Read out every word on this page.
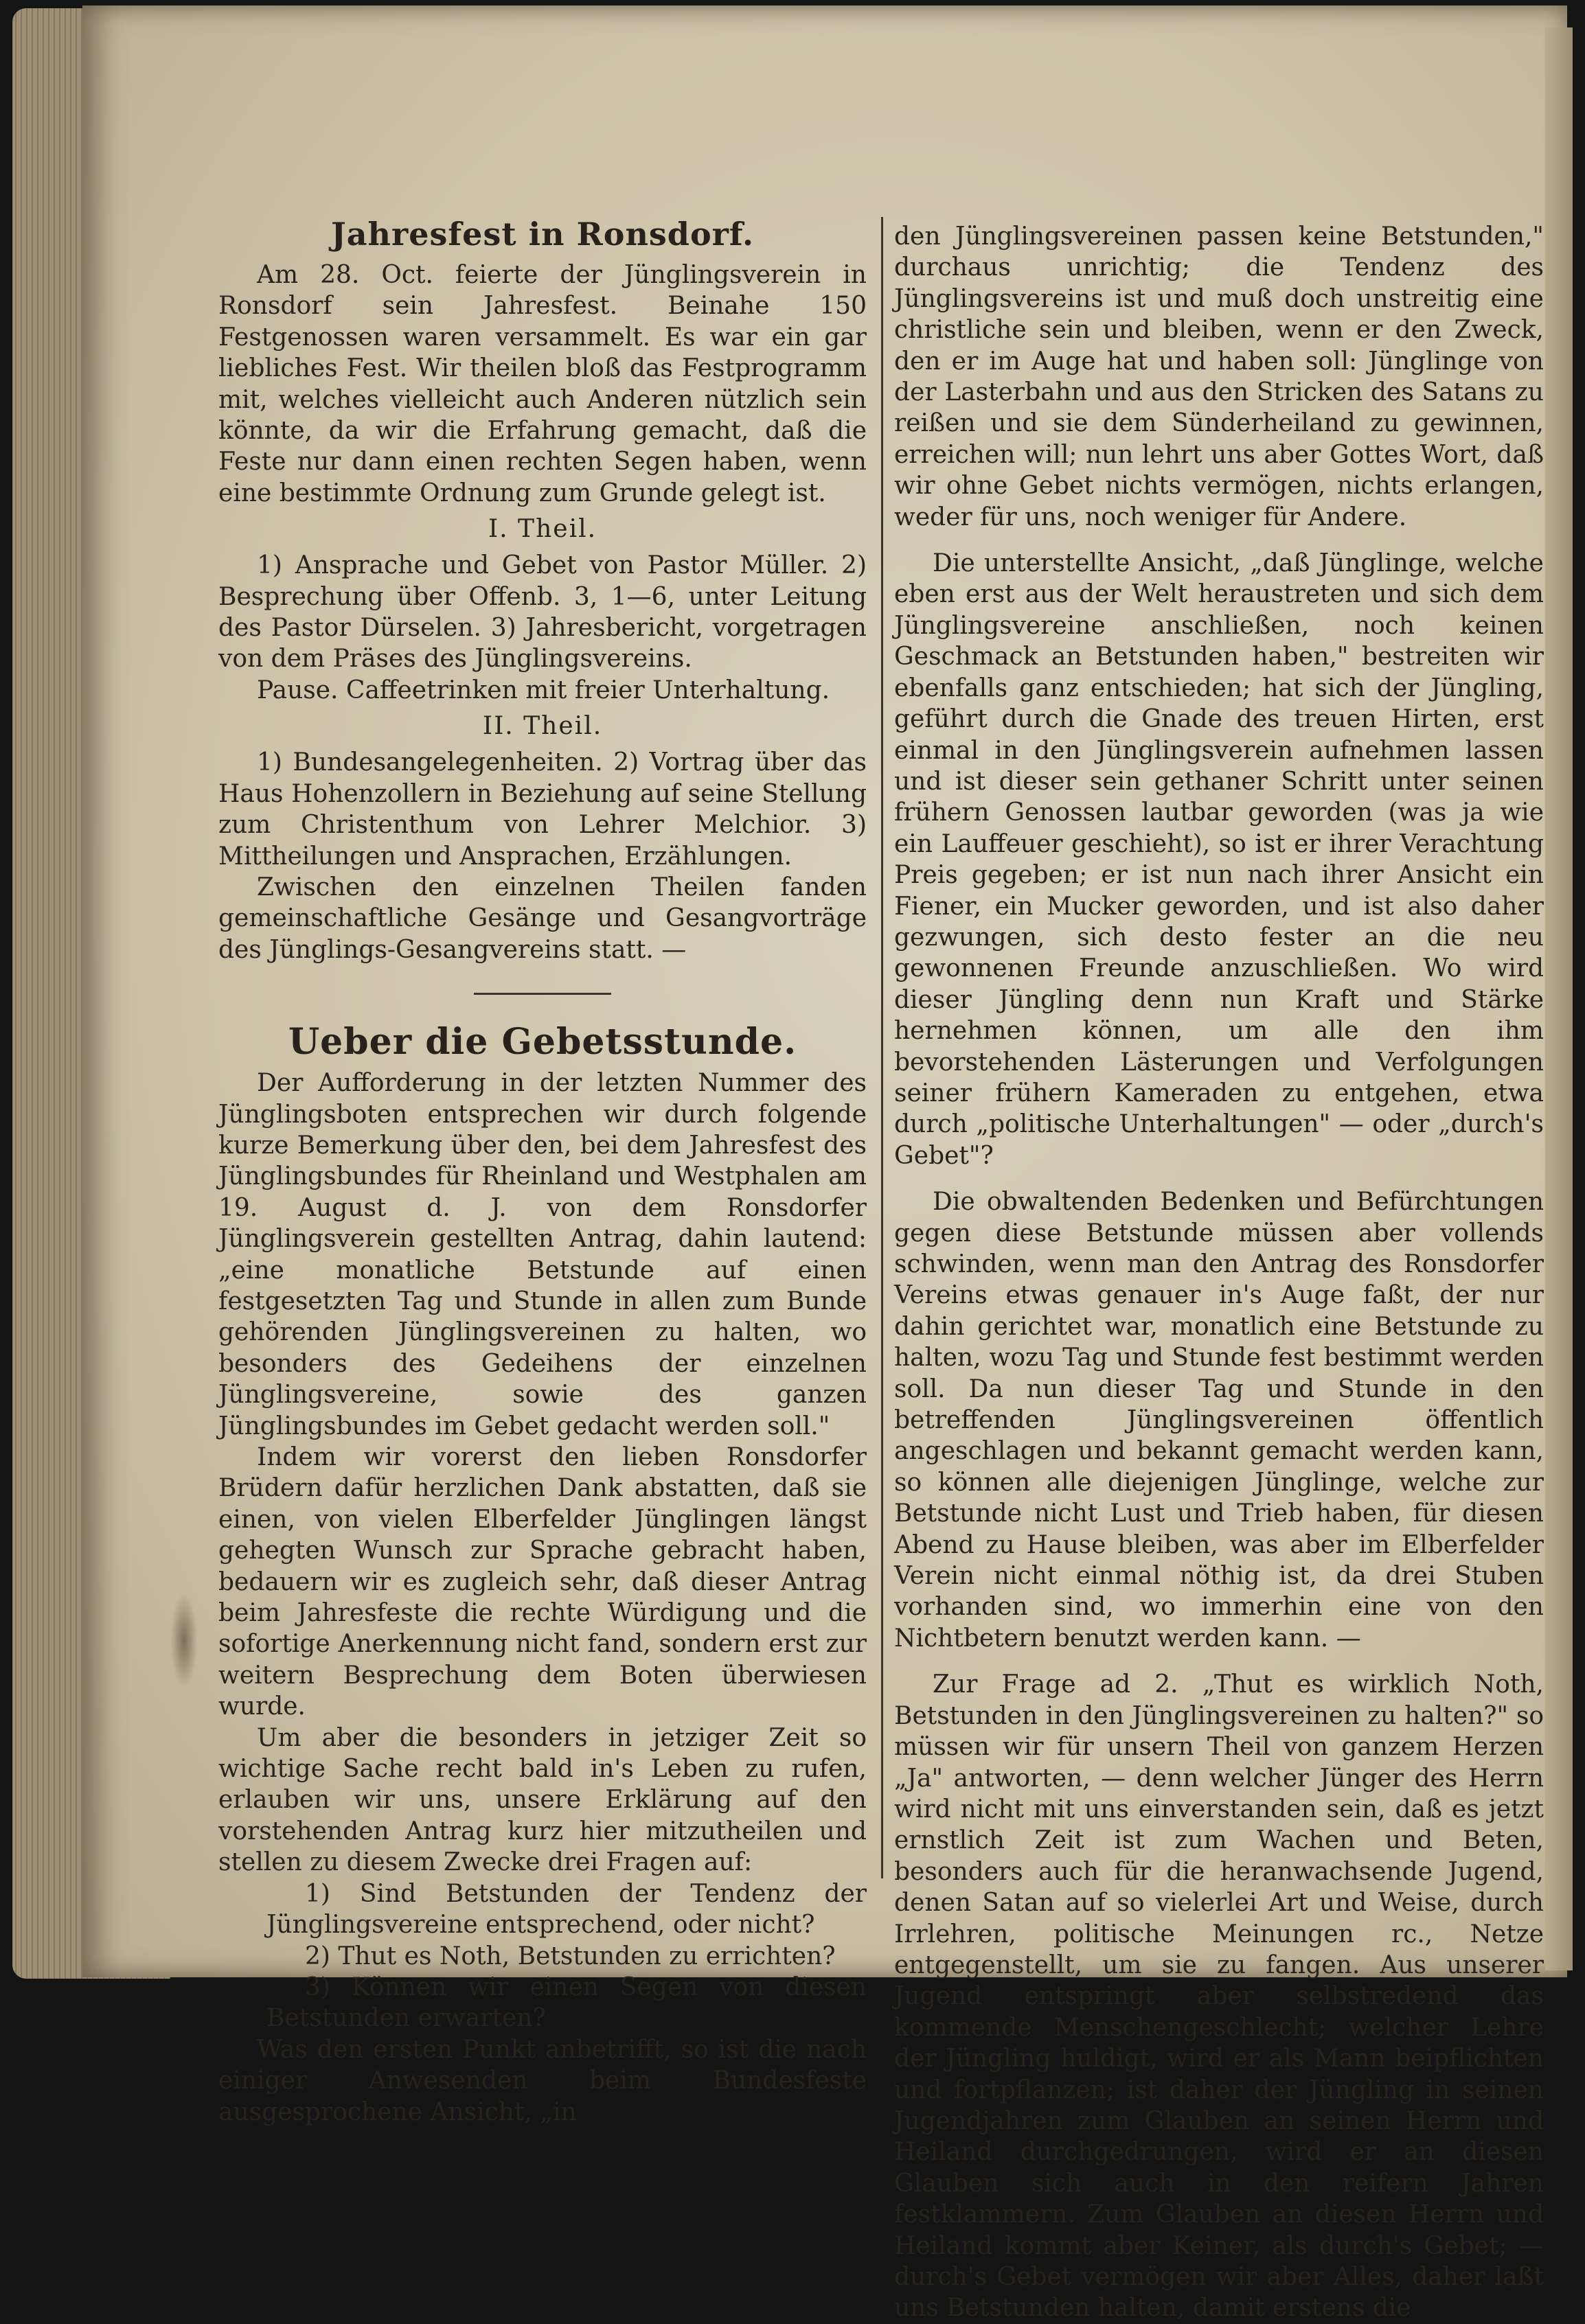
Jahresfest in Ronsdorf.

Am 28. Oct. feierte der Jünglingsverein in Ronsdorf sein Jahresfest. Beinahe 150 Festgenossen waren versammelt. Es war ein gar liebliches Fest. Wir theilen bloß das Festprogramm mit, welches vielleicht auch Anderen nützlich sein könnte, da wir die Erfahrung gemacht, daß die Feste nur dann einen rechten Segen haben, wenn eine bestimmte Ordnung zum Grunde gelegt ist.

I. Theil.

1) Ansprache und Gebet von Pastor Müller. 2) Besprechung über Offenb. 3, 1—6, unter Leitung des Pastor Dürselen. 3) Jahresbericht, vorgetragen von dem Präses des Jünglingsvereins.

Pause. Caffeetrinken mit freier Unterhaltung.

II. Theil.

1) Bundesangelegenheiten. 2) Vortrag über das Haus Hohenzollern in Beziehung auf seine Stellung zum Christenthum von Lehrer Melchior. 3) Mittheilungen und Ansprachen, Erzählungen.

Zwischen den einzelnen Theilen fanden gemeinschaftliche Gesänge und Gesangvorträge des Jünglings-Gesangvereins statt. —

Ueber die Gebetsstunde.

Der Aufforderung in der letzten Nummer des Jünglingsboten entsprechen wir durch folgende kurze Bemerkung über den, bei dem Jahresfest des Jünglingsbundes für Rheinland und Westphalen am 19. August d. J. von dem Ronsdorfer Jünglingsverein gestellten Antrag, dahin lautend: „eine monatliche Betstunde auf einen festgesetzten Tag und Stunde in allen zum Bunde gehörenden Jünglingsvereinen zu halten, wo besonders des Gedeihens der einzelnen Jünglingsvereine, sowie des ganzen Jünglingsbundes im Gebet gedacht werden soll."

Indem wir vorerst den lieben Ronsdorfer Brüdern dafür herzlichen Dank abstatten, daß sie einen, von vielen Elberfelder Jünglingen längst gehegten Wunsch zur Sprache gebracht haben, bedauern wir es zugleich sehr, daß dieser Antrag beim Jahresfeste die rechte Würdigung und die sofortige Anerkennung nicht fand, sondern erst zur weitern Besprechung dem Boten überwiesen wurde.

Um aber die besonders in jetziger Zeit so wichtige Sache recht bald in's Leben zu rufen, erlauben wir uns, unsere Erklärung auf den vorstehenden Antrag kurz hier mitzutheilen und stellen zu diesem Zwecke drei Fragen auf:

1) Sind Betstunden der Tendenz der Jünglingsvereine entsprechend, oder nicht?

2) Thut es Noth, Betstunden zu errichten?

3) Können wir einen Segen von diesen Betstunden erwarten?

Was den ersten Punkt anbetrifft, so ist die nach einiger Anwesenden beim Bundesfeste ausgesprochene Ansicht, „in

den Jünglingsvereinen passen keine Betstunden," durchaus unrichtig; die Tendenz des Jünglingsvereins ist und muß doch unstreitig eine christliche sein und bleiben, wenn er den Zweck, den er im Auge hat und haben soll: Jünglinge von der Lasterbahn und aus den Stricken des Satans zu reißen und sie dem Sünderheiland zu gewinnen, erreichen will; nun lehrt uns aber Gottes Wort, daß wir ohne Gebet nichts vermögen, nichts erlangen, weder für uns, noch weniger für Andere.

Die unterstellte Ansicht, „daß Jünglinge, welche eben erst aus der Welt heraustreten und sich dem Jünglingsvereine anschließen, noch keinen Geschmack an Betstunden haben," bestreiten wir ebenfalls ganz entschieden; hat sich der Jüngling, geführt durch die Gnade des treuen Hirten, erst einmal in den Jünglingsverein aufnehmen lassen und ist dieser sein gethaner Schritt unter seinen frühern Genossen lautbar geworden (was ja wie ein Lauffeuer geschieht), so ist er ihrer Verachtung Preis gegeben; er ist nun nach ihrer Ansicht ein Fiener, ein Mucker geworden, und ist also daher gezwungen, sich desto fester an die neu gewonnenen Freunde anzuschließen. Wo wird dieser Jüngling denn nun Kraft und Stärke hernehmen können, um alle den ihm bevorstehenden Lästerungen und Verfolgungen seiner frühern Kameraden zu entgehen, etwa durch „politische Unterhaltungen" — oder „durch's Gebet"?

Die obwaltenden Bedenken und Befürchtungen gegen diese Betstunde müssen aber vollends schwinden, wenn man den Antrag des Ronsdorfer Vereins etwas genauer in's Auge faßt, der nur dahin gerichtet war, monatlich eine Betstunde zu halten, wozu Tag und Stunde fest bestimmt werden soll. Da nun dieser Tag und Stunde in den betreffenden Jünglingsvereinen öffentlich angeschlagen und bekannt gemacht werden kann, so können alle diejenigen Jünglinge, welche zur Betstunde nicht Lust und Trieb haben, für diesen Abend zu Hause bleiben, was aber im Elberfelder Verein nicht einmal nöthig ist, da drei Stuben vorhanden sind, wo immerhin eine von den Nichtbetern benutzt werden kann. —

Zur Frage ad 2. „Thut es wirklich Noth, Betstunden in den Jünglingsvereinen zu halten?" so müssen wir für unsern Theil von ganzem Herzen „Ja" antworten, — denn welcher Jünger des Herrn wird nicht mit uns einverstanden sein, daß es jetzt ernstlich Zeit ist zum Wachen und Beten, besonders auch für die heranwachsende Jugend, denen Satan auf so vielerlei Art und Weise, durch Irrlehren, politische Meinungen rc., Netze entgegenstellt, um sie zu fangen. Aus unserer Jugend entspringt aber selbstredend das kommende Menschengeschlecht; welcher Lehre der Jüngling huldigt, wird er als Mann beipflichten und fortpflanzen; ist daher der Jüngling in seinen Jugendjahren zum Glauben an seinen Herrn und Heiland durchgedrungen, wird er an diesen Glauben sich auch in den reifern Jahren festklammern. Zum Glauben an diesen Herrn und Heiland kommt aber Keiner, als durch's Gebet; — durch's Gebet vermögen wir aber Alles, daher laßt uns Betstunden halten, damit erstens die
